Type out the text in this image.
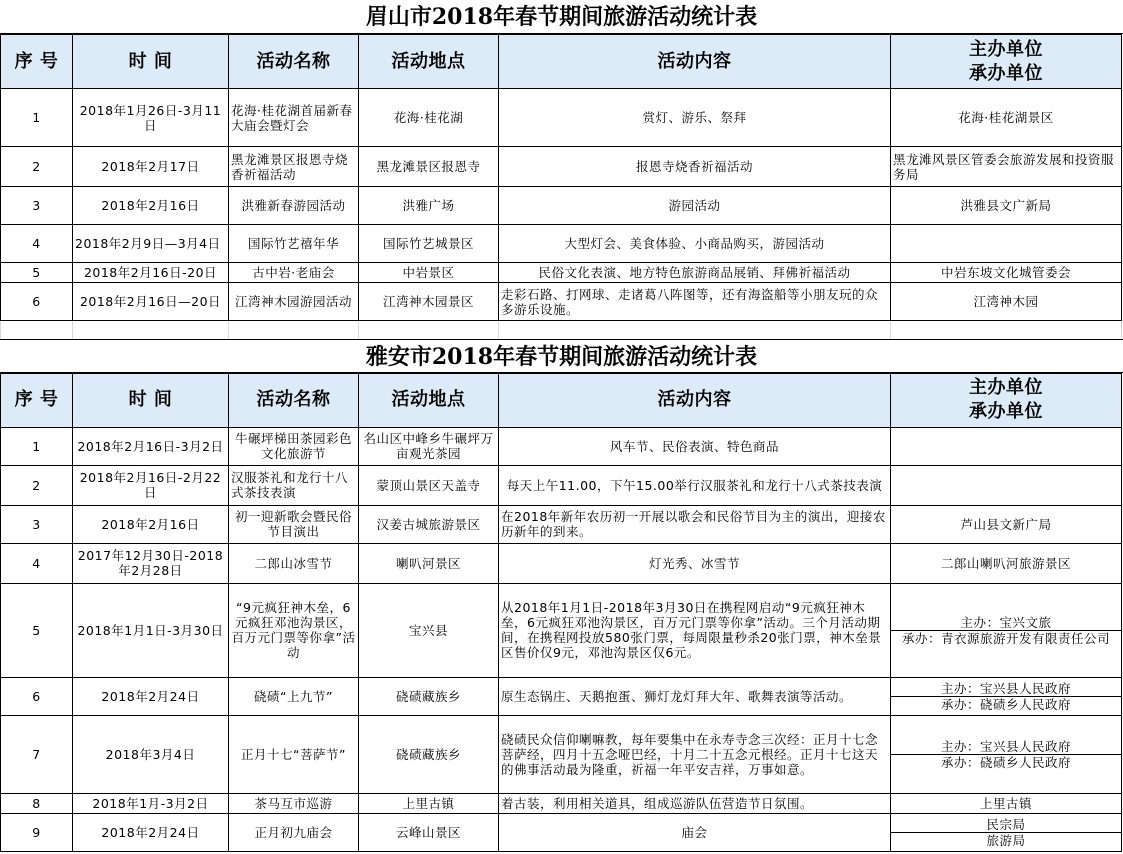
眉山市2018年春节期间旅游活动统计表
序 号	时 间	活动名称	活动地点	活动内容	主办单位
承办单位

1	2018年1月26日-3月11日	花海·桂花湖首届新春大庙会暨灯会	花海·桂花湖	赏灯、游乐、祭拜	花海·桂花湖景区
2	2018年2月17日	黑龙滩景区报恩寺烧香祈福活动	黑龙滩景区报恩寺	报恩寺烧香祈福活动	黑龙滩风景区管委会旅游发展和投资服务局
3	2018年2月16日	洪雅新春游园活动	洪雅广场	游园活动	洪雅县文广新局
4	2018年2月9日—3月4日	国际竹艺禧年华	国际竹艺城景区	大型灯会、美食体验、小商品购买，游园活动	
5	2018年2月16日-20日	古中岩·老庙会	中岩景区	民俗文化表演、地方特色旅游商品展销、拜佛祈福活动	中岩东坡文化城管委会
6	2018年2月16日—20日	江湾神木园游园活动	江湾神木园景区	走彩石路、打网球、走诸葛八阵图等，还有海盗船等小朋友玩的众多游乐设施。	江湾神木园

雅安市2018年春节期间旅游活动统计表
序 号	时 间	活动名称	活动地点	活动内容	主办单位
承办单位

1	2018年2月16日-3月2日	牛碾坪梯田茶园彩色文化旅游节	名山区中峰乡牛碾坪万亩观光茶园	风车节、民俗表演、特色商品	
2	2018年2月16日-2月22日	汉服茶礼和龙行十八式茶技表演	蒙顶山景区天盖寺	每天上午11.00，下午15.00举行汉服茶礼和龙行十八式茶技表演	
3	2018年2月16日	初一迎新歌会暨民俗节目演出	汉姜古城旅游景区	在2018年新年农历初一开展以歌会和民俗节目为主的演出，迎接农历新年的到来。	芦山县文新广局
4	2017年12月30日-2018年2月28日	二郎山冰雪节	喇叭河景区	灯光秀、冰雪节	二郎山喇叭河旅游景区
5	2018年1月1日-3月30日	“9元疯狂神木垒，6元疯狂邓池沟景区，百万元门票等你拿”活动	宝兴县	从2018年1月1日-2018年3月30日在携程网启动“9元疯狂神木垒，6元疯狂邓池沟景区，百万元门票等你拿”活动。三个月活动期间，在携程网投放580张门票，每周限量秒杀20张门票，神木垒景区售价仅9元，邓池沟景区仅6元。	主办：宝兴文旅
承办：青衣源旅游开发有限责任公司

6	2018年2月24日	硗碛“上九节”	硗碛藏族乡	原生态锅庄、天鹅抱蛋、狮灯龙灯拜大年、歌舞表演等活动。	主办：宝兴县人民政府
承办：硗碛乡人民政府

7	2018年3月4日	正月十七“菩萨节”	硗碛藏族乡	硗碛民众信仰喇嘛教，每年要集中在永寿寺念三次经：正月十七念菩萨经，四月十五念哑巴经，十月二十五念元根经。正月十七这天的佛事活动最为隆重，祈福一年平安吉祥，万事如意。	主办：宝兴县人民政府
承办：硗碛乡人民政府

8	2018年1月-3月2日	茶马互市巡游	上里古镇	着古装，利用相关道具，组成巡游队伍营造节日氛围。	上里古镇
9	2018年2月24日	正月初九庙会	云峰山景区	庙会	民宗局
旅游局
